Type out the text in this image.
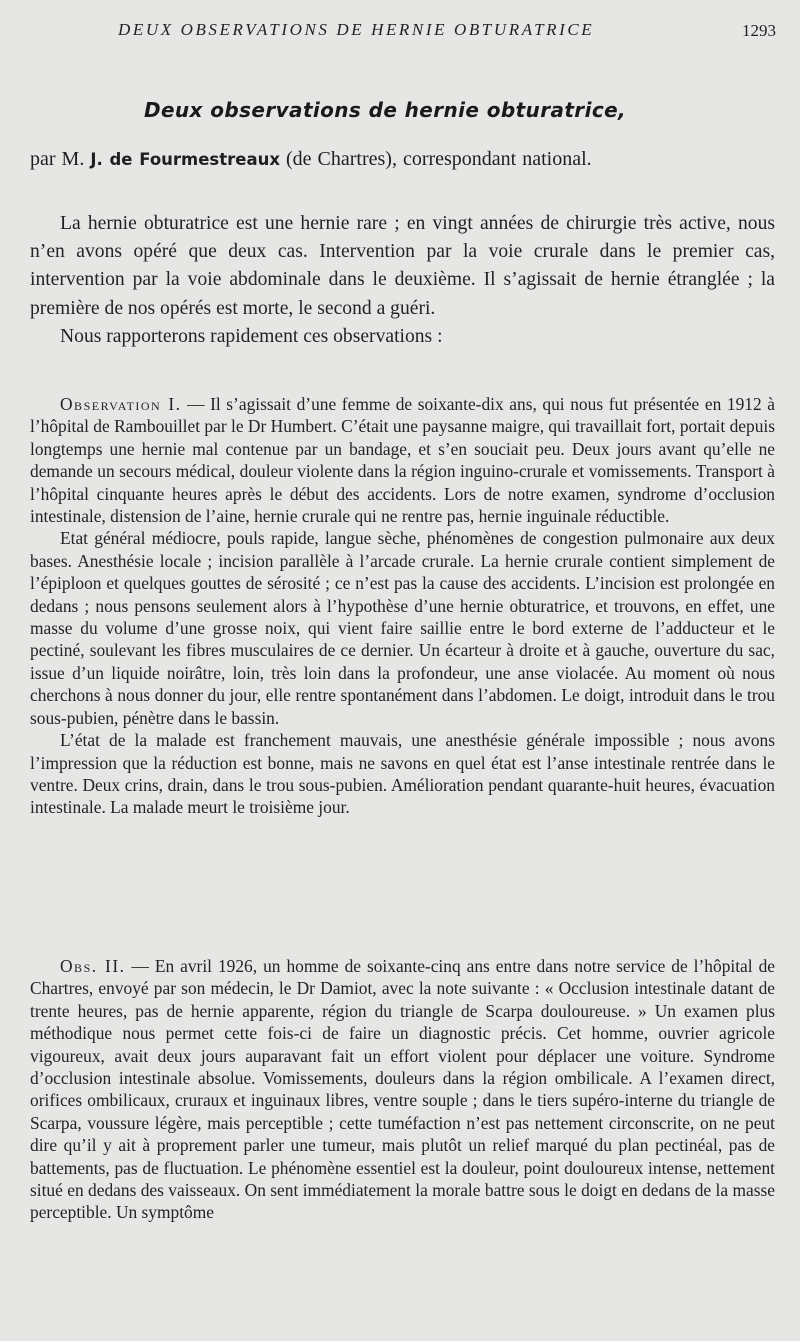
DEUX OBSERVATIONS DE HERNIE OBTURATRICE	1293
Deux observations de hernie obturatrice,
par M. J. de Fourmestreaux (de Chartres), correspondant national.

La hernie obturatrice est une hernie rare ; en vingt années de chirurgie très active, nous n’en avons opéré que deux cas. Intervention par la voie crurale dans le premier cas, intervention par la voie abdominale dans le deuxième. Il s’agissait de hernie étranglée ; la première de nos opérés est morte, le second a guéri.

Nous rapporterons rapidement ces observations :

Observation I. — Il s’agissait d’une femme de soixante-dix ans, qui nous fut présentée en 1912 à l’hôpital de Rambouillet par le Dr Humbert. C’était une paysanne maigre, qui travaillait fort, portait depuis longtemps une hernie mal contenue par un bandage, et s’en souciait peu. Deux jours avant qu’elle ne demande un secours médical, douleur violente dans la région inguino-crurale et vomissements. Transport à l’hôpital cinquante heures après le début des accidents. Lors de notre examen, syndrome d’occlusion intestinale, distension de l’aine, hernie crurale qui ne rentre pas, hernie inguinale réductible.

Etat général médiocre, pouls rapide, langue sèche, phénomènes de congestion pulmonaire aux deux bases. Anesthésie locale ; incision parallèle à l’arcade crurale. La hernie crurale contient simplement de l’épiploon et quelques gouttes de sérosité ; ce n’est pas la cause des accidents. L’incision est prolongée en dedans ; nous pensons seulement alors à l’hypothèse d’une hernie obturatrice, et trouvons, en effet, une masse du volume d’une grosse noix, qui vient faire saillie entre le bord externe de l’adducteur et le pectiné, soulevant les fibres musculaires de ce dernier. Un écarteur à droite et à gauche, ouverture du sac, issue d’un liquide noirâtre, loin, très loin dans la profondeur, une anse violacée. Au moment où nous cherchons à nous donner du jour, elle rentre spontanément dans l’abdomen. Le doigt, introduit dans le trou sous-pubien, pénètre dans le bassin.

L’état de la malade est franchement mauvais, une anesthésie générale impossible ; nous avons l’impression que la réduction est bonne, mais ne savons en quel état est l’anse intestinale rentrée dans le ventre. Deux crins, drain, dans le trou sous-pubien. Amélioration pendant quarante-huit heures, évacuation intestinale. La malade meurt le troisième jour.

Obs. II. — En avril 1926, un homme de soixante-cinq ans entre dans notre service de l’hôpital de Chartres, envoyé par son médecin, le Dr Damiot, avec la note suivante : « Occlusion intestinale datant de trente heures, pas de hernie apparente, région du triangle de Scarpa douloureuse. » Un examen plus méthodique nous permet cette fois-ci de faire un diagnostic précis. Cet homme, ouvrier agricole vigoureux, avait deux jours auparavant fait un effort violent pour déplacer une voiture. Syndrome d’occlusion intestinale absolue. Vomissements, douleurs dans la région ombilicale. A l’examen direct, orifices ombilicaux, cruraux et inguinaux libres, ventre souple ; dans le tiers supéro-interne du triangle de Scarpa, voussure légère, mais perceptible ; cette tuméfaction n’est pas nettement circonscrite, on ne peut dire qu’il y ait à proprement parler une tumeur, mais plutôt un relief marqué du plan pectinéal, pas de battements, pas de fluctuation. Le phénomène essentiel est la douleur, point douloureux intense, nettement situé en dedans des vaisseaux. On sent immédiatement la morale battre sous le doigt en dedans de la masse perceptible. Un symptôme
